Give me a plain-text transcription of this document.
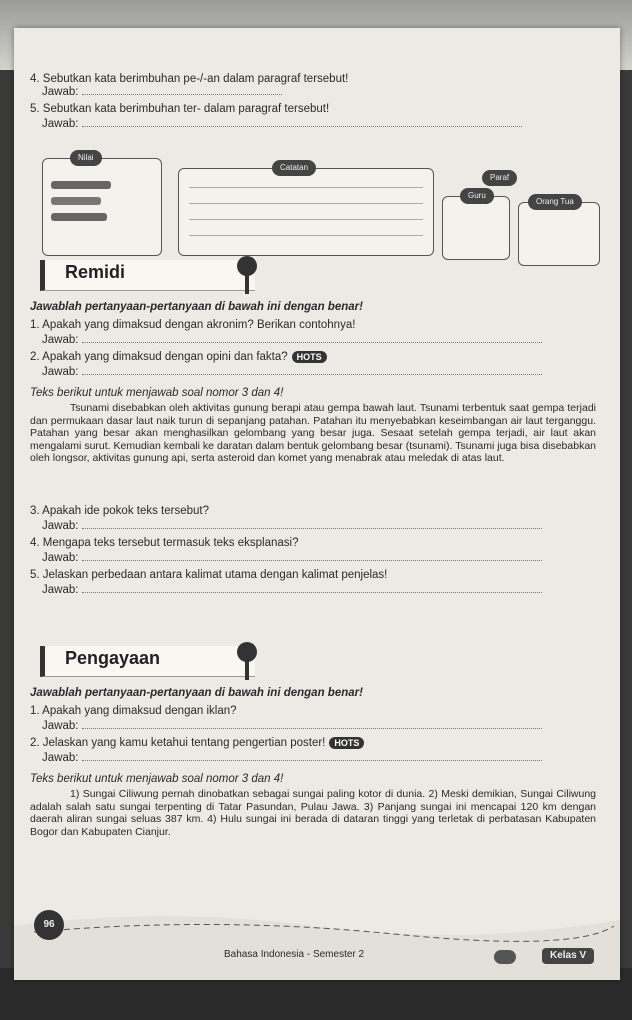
4. Sebutkan kata berimbuhan pe-/-an dalam paragraf tersebut!
Jawab:
5. Sebutkan kata berimbuhan ter- dalam paragraf tersebut!
Jawab:
Nilai
Catatan
Paraf
Guru
Orang Tua
Remidi
Jawablah pertanyaan-pertanyaan di bawah ini dengan benar!
1. Apakah yang dimaksud dengan akronim? Berikan contohnya!
Jawab:
2. Apakah yang dimaksud dengan opini dan fakta? HOTS
Jawab:
Teks berikut untuk menjawab soal nomor 3 dan 4!
Tsunami disebabkan oleh aktivitas gunung berapi atau gempa bawah laut. Tsunami terbentuk saat gempa terjadi dan permukaan dasar laut naik turun di sepanjang patahan. Patahan itu menyebabkan keseimbangan air laut terganggu. Patahan yang besar akan menghasilkan gelombang yang besar juga. Sesaat setelah gempa terjadi, air laut akan mengalami surut. Kemudian kembali ke daratan dalam bentuk gelombang besar (tsunami). Tsunami juga bisa disebabkan oleh longsor, aktivitas gunung api, serta asteroid dan komet yang menabrak atau meledak di atas laut.
3. Apakah ide pokok teks tersebut?
Jawab:
4. Mengapa teks tersebut termasuk teks eksplanasi?
Jawab:
5. Jelaskan perbedaan antara kalimat utama dengan kalimat penjelas!
Jawab:
Pengayaan
Jawablah pertanyaan-pertanyaan di bawah ini dengan benar!
1. Apakah yang dimaksud dengan iklan?
Jawab:
2. Jelaskan yang kamu ketahui tentang pengertian poster! HOTS
Jawab:
Teks berikut untuk menjawab soal nomor 3 dan 4!
1) Sungai Ciliwung pernah dinobatkan sebagai sungai paling kotor di dunia. 2) Meski demikian, Sungai Ciliwung adalah salah satu sungai terpenting di Tatar Pasundan, Pulau Jawa. 3) Panjang sungai ini mencapai 120 km dengan daerah aliran sungai seluas 387 km. 4) Hulu sungai ini berada di dataran tinggi yang terletak di perbatasan Kabupaten Bogor dan Kabupaten Cianjur.
96
Bahasa Indonesia - Semester 2	Kelas V
